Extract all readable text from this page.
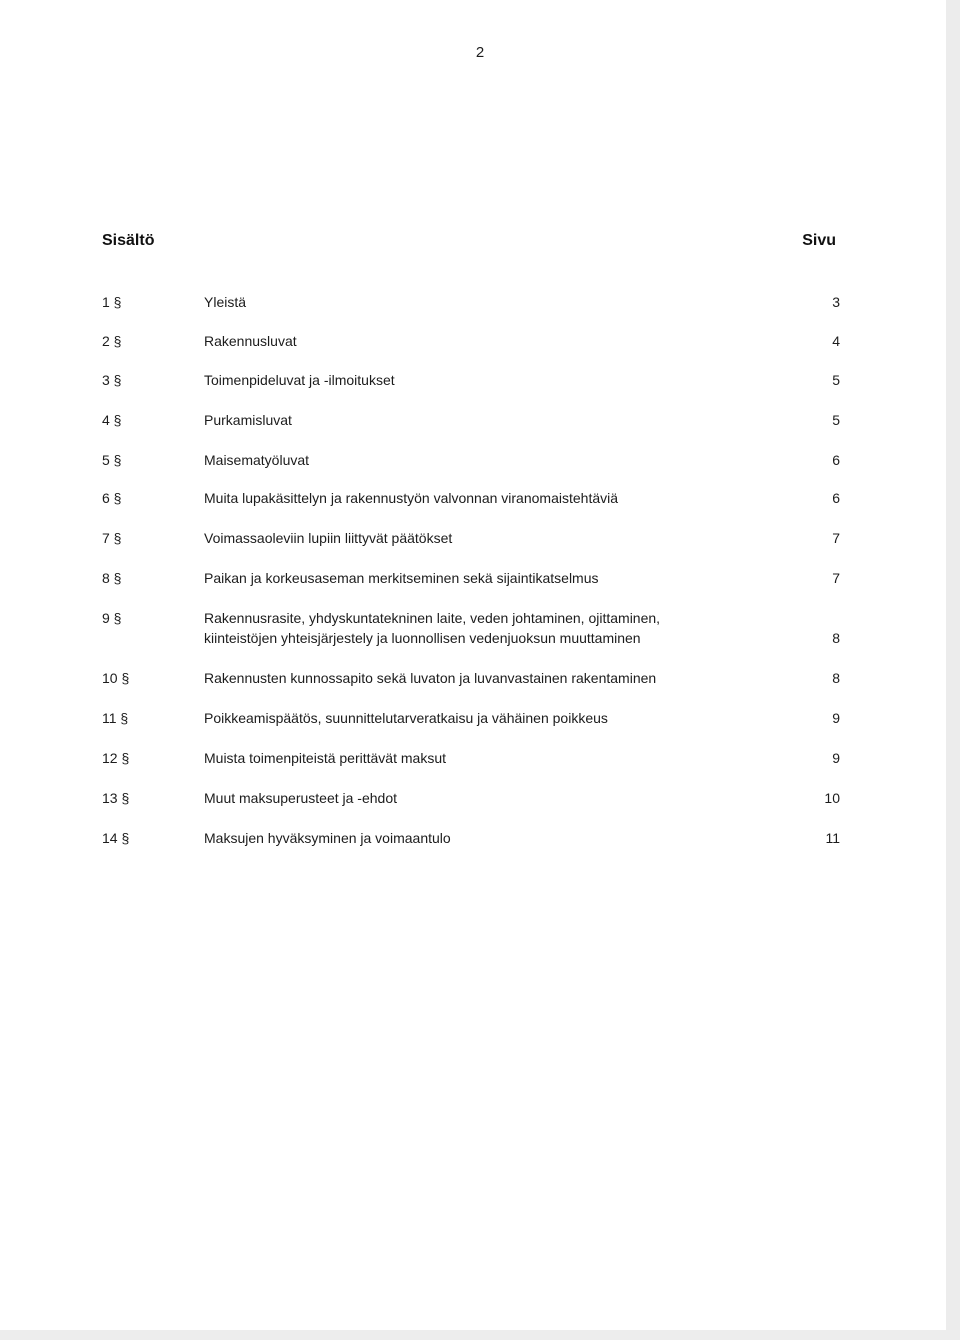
2
Sisältö	Sivu
1 §	Yleistä	3
2 §	Rakennusluvat	4
3 §	Toimenpideluvat ja -ilmoitukset	5
4 §	Purkamisluvat	5
5 §	Maisematyöluvat	6
6 §	Muita lupakäsittelyn ja rakennustyön valvonnan viranomaistehtäviä	6
7 §	Voimassaoleviin lupiin liittyvät päätökset	7
8 §	Paikan ja korkeusaseman merkitseminen sekä sijaintikatselmus	7
9 §	Rakennusrasite, yhdyskuntatekninen laite, veden johtaminen, ojittaminen,
kiinteistöjen yhteisjärjestely ja luonnollisen vedenjuoksun muuttaminen	8
10 §	Rakennusten kunnossapito sekä luvaton ja luvanvastainen rakentaminen	8
11 §	Poikkeamispäätös, suunnittelutarveratkaisu ja vähäinen poikkeus	9
12 §	Muista toimenpiteistä perittävät maksut	9
13 §	Muut maksuperusteet ja -ehdot	10
14 §	Maksujen hyväksyminen ja voimaantulo	11
